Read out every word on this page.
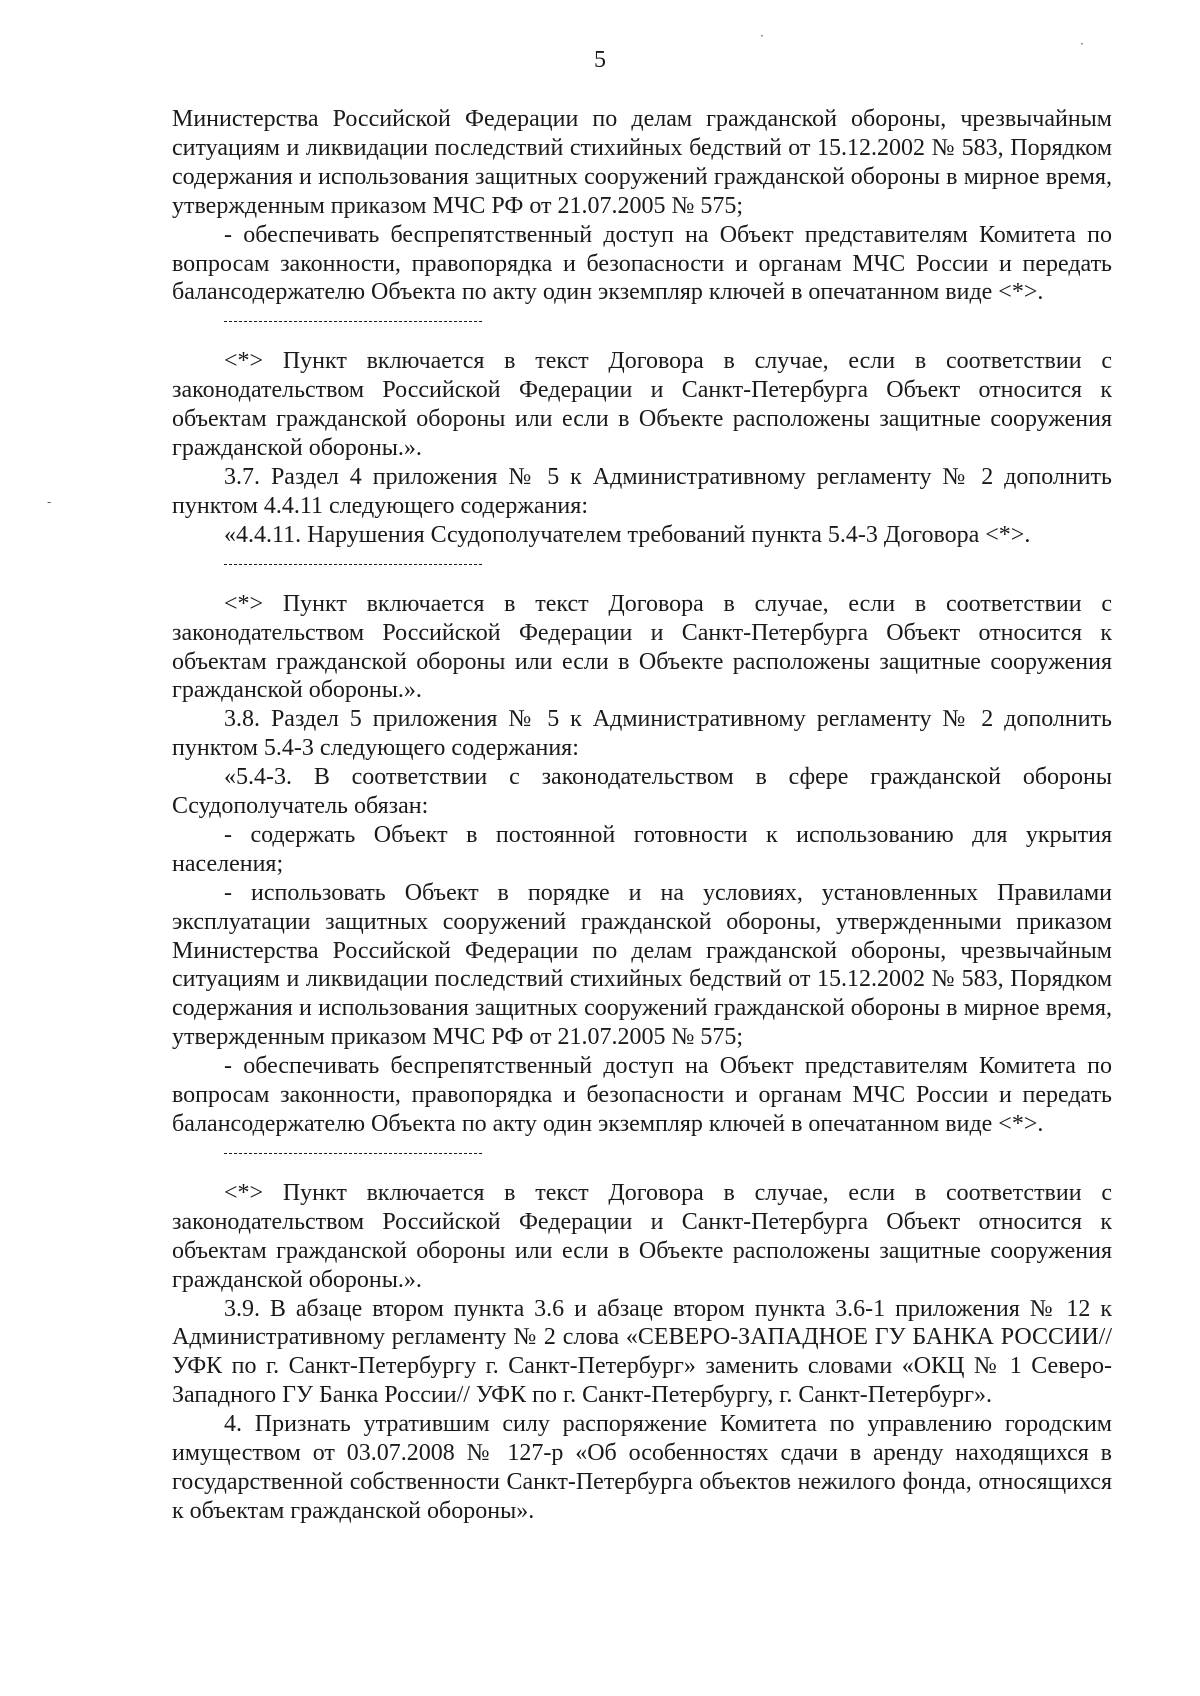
5
·
·
-

Министерства Российской Федерации по делам гражданской обороны, чрезвычайным ситуациям и ликвидации последствий стихийных бедствий от 15.12.2002 № 583, Порядком содержания и использования защитных сооружений гражданской обороны в мирное время, утвержденным приказом МЧС РФ от 21.07.2005 № 575;

- обеспечивать беспрепятственный доступ на Объект представителям Комитета по вопросам законности, правопорядка и безопасности и органам МЧС России и передать балансодержателю Объекта по акту один экземпляр ключей в опечатанном виде <*>.

<*> Пункт включается в текст Договора в случае, если в соответствии с законодательством Российской Федерации и Санкт-Петербурга Объект относится к объектам гражданской обороны или если в Объекте расположены защитные сооружения гражданской обороны.».

3.7. Раздел 4 приложения № 5 к Административному регламенту № 2 дополнить пунктом 4.4.11 следующего содержания:

«4.4.11. Нарушения Ссудополучателем требований пункта 5.4-3 Договора <*>.

<*> Пункт включается в текст Договора в случае, если в соответствии с законодательством Российской Федерации и Санкт-Петербурга Объект относится к объектам гражданской обороны или если в Объекте расположены защитные сооружения гражданской обороны.».

3.8. Раздел 5 приложения № 5 к Административному регламенту № 2 дополнить пунктом 5.4-3 следующего содержания:

«5.4-3. В соответствии с законодательством в сфере гражданской обороны Ссудополучатель обязан:

- содержать Объект в постоянной готовности к использованию для укрытия населения;

- использовать Объект в порядке и на условиях, установленных Правилами эксплуатации защитных сооружений гражданской обороны, утвержденными приказом Министерства Российской Федерации по делам гражданской обороны, чрезвычайным ситуациям и ликвидации последствий стихийных бедствий от 15.12.2002 № 583, Порядком содержания и использования защитных сооружений гражданской обороны в мирное время, утвержденным приказом МЧС РФ от 21.07.2005 № 575;

- обеспечивать беспрепятственный доступ на Объект представителям Комитета по вопросам законности, правопорядка и безопасности и органам МЧС России и передать балансодержателю Объекта по акту один экземпляр ключей в опечатанном виде <*>.

<*> Пункт включается в текст Договора в случае, если в соответствии с законодательством Российской Федерации и Санкт-Петербурга Объект относится к объектам гражданской обороны или если в Объекте расположены защитные сооружения гражданской обороны.».

3.9. В абзаце втором пункта 3.6 и абзаце втором пункта 3.6-1 приложения № 12 к Административному регламенту № 2 слова «СЕВЕРО-ЗАПАДНОЕ ГУ БАНКА РОССИИ//УФК по г. Санкт-Петербургу г. Санкт-Петербург» заменить словами «ОКЦ № 1 Северо-Западного ГУ Банка России// УФК по г. Санкт-Петербургу, г. Санкт-Петербург».

4. Признать утратившим силу распоряжение Комитета по управлению городским имуществом от 03.07.2008 № 127-р «Об особенностях сдачи в аренду находящихся в государственной собственности Санкт-Петербурга объектов нежилого фонда, относящихся к объектам гражданской обороны».
